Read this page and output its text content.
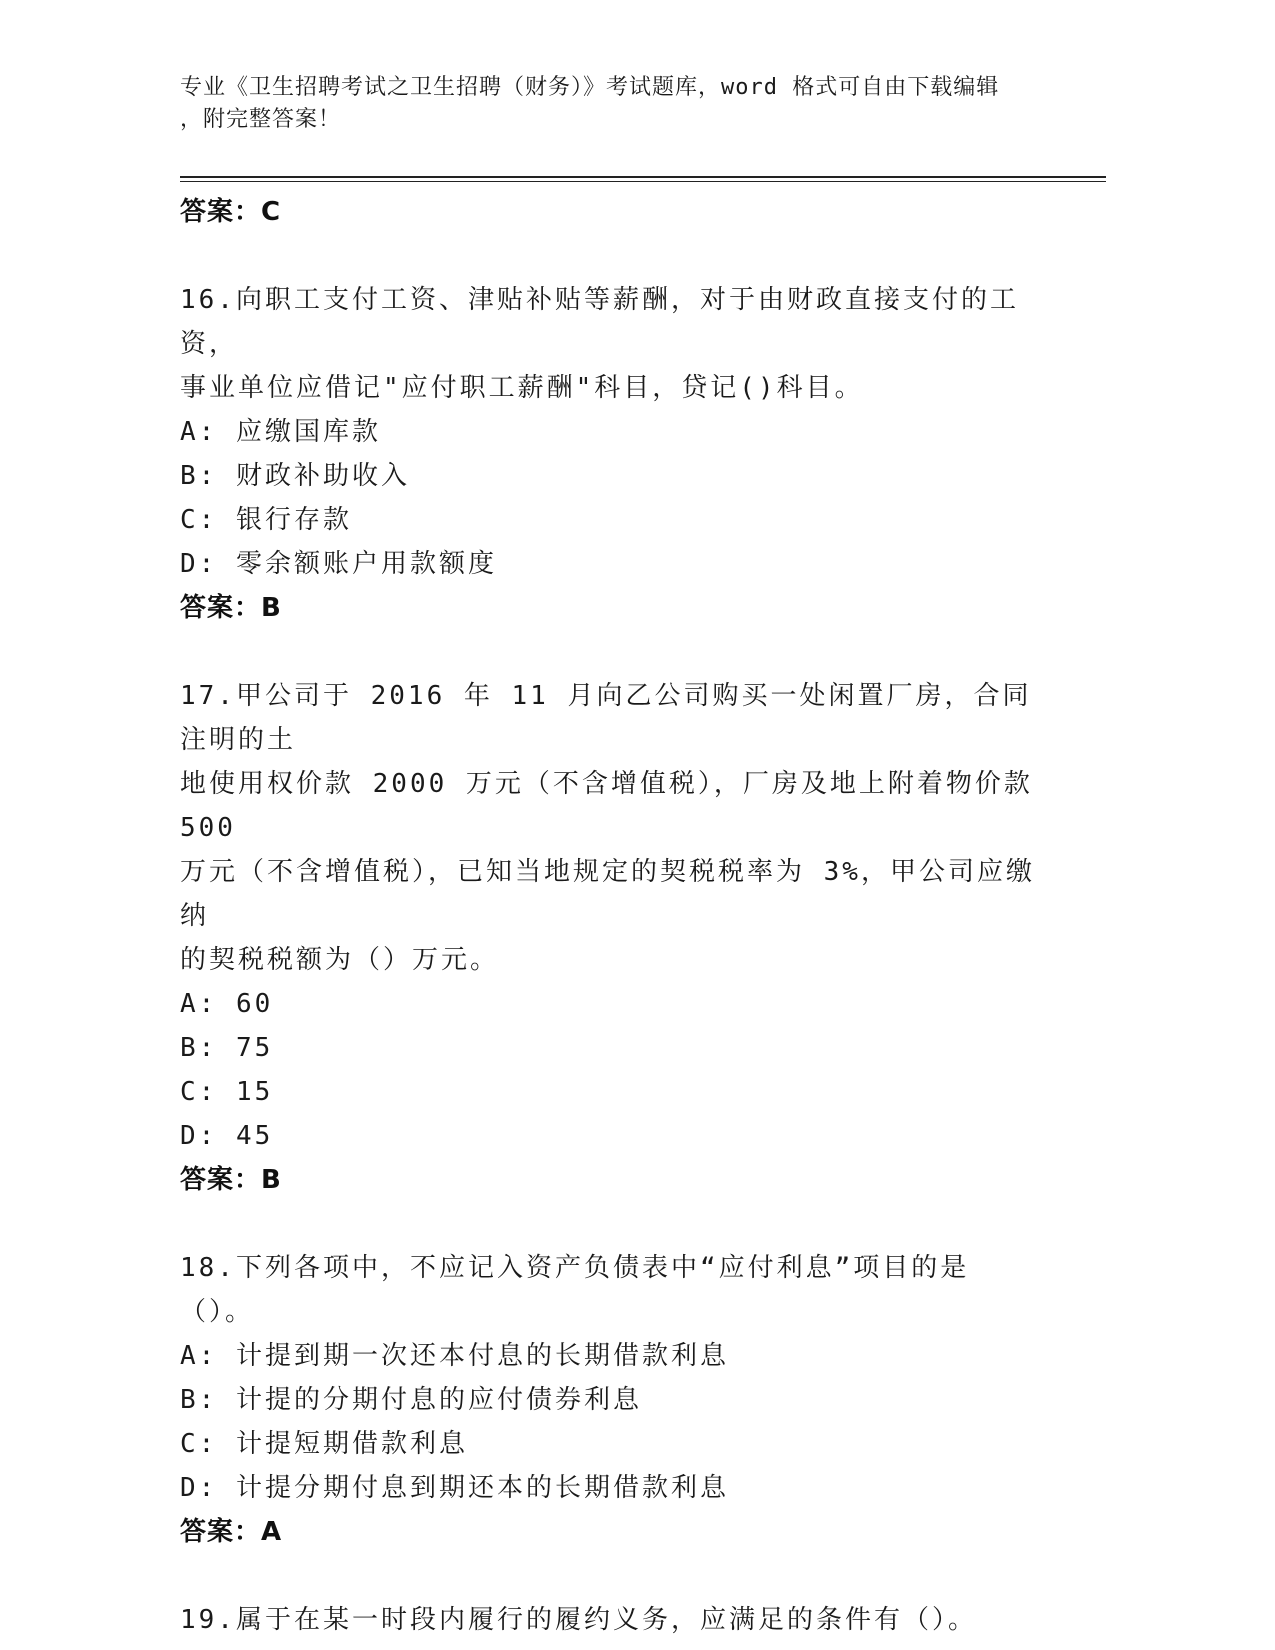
专业《卫生招聘考试之卫生招聘（财务）》考试题库，word 格式可自由下载编辑
，附完整答案！
答案：C
16.向职工支付工资、津贴补贴等薪酬，对于由财政直接支付的工资，
事业单位应借记"应付职工薪酬"科目，贷记()科目。
A: 应缴国库款
B: 财政补助收入
C: 银行存款
D: 零余额账户用款额度
答案：B
17.甲公司于 2016 年 11 月向乙公司购买一处闲置厂房，合同注明的土
地使用权价款 2000 万元（不含增值税），厂房及地上附着物价款 500
万元（不含增值税），已知当地规定的契税税率为 3%，甲公司应缴纳
的契税税额为（）万元。
A: 60
B: 75
C: 15
D: 45
答案：B
18.下列各项中，不应记入资产负债表中“应付利息”项目的是（）。
A: 计提到期一次还本付息的长期借款利息
B: 计提的分期付息的应付债券利息
C: 计提短期借款利息
D: 计提分期付息到期还本的长期借款利息
答案：A
19.属于在某一时段内履行的履约义务，应满足的条件有（）。
